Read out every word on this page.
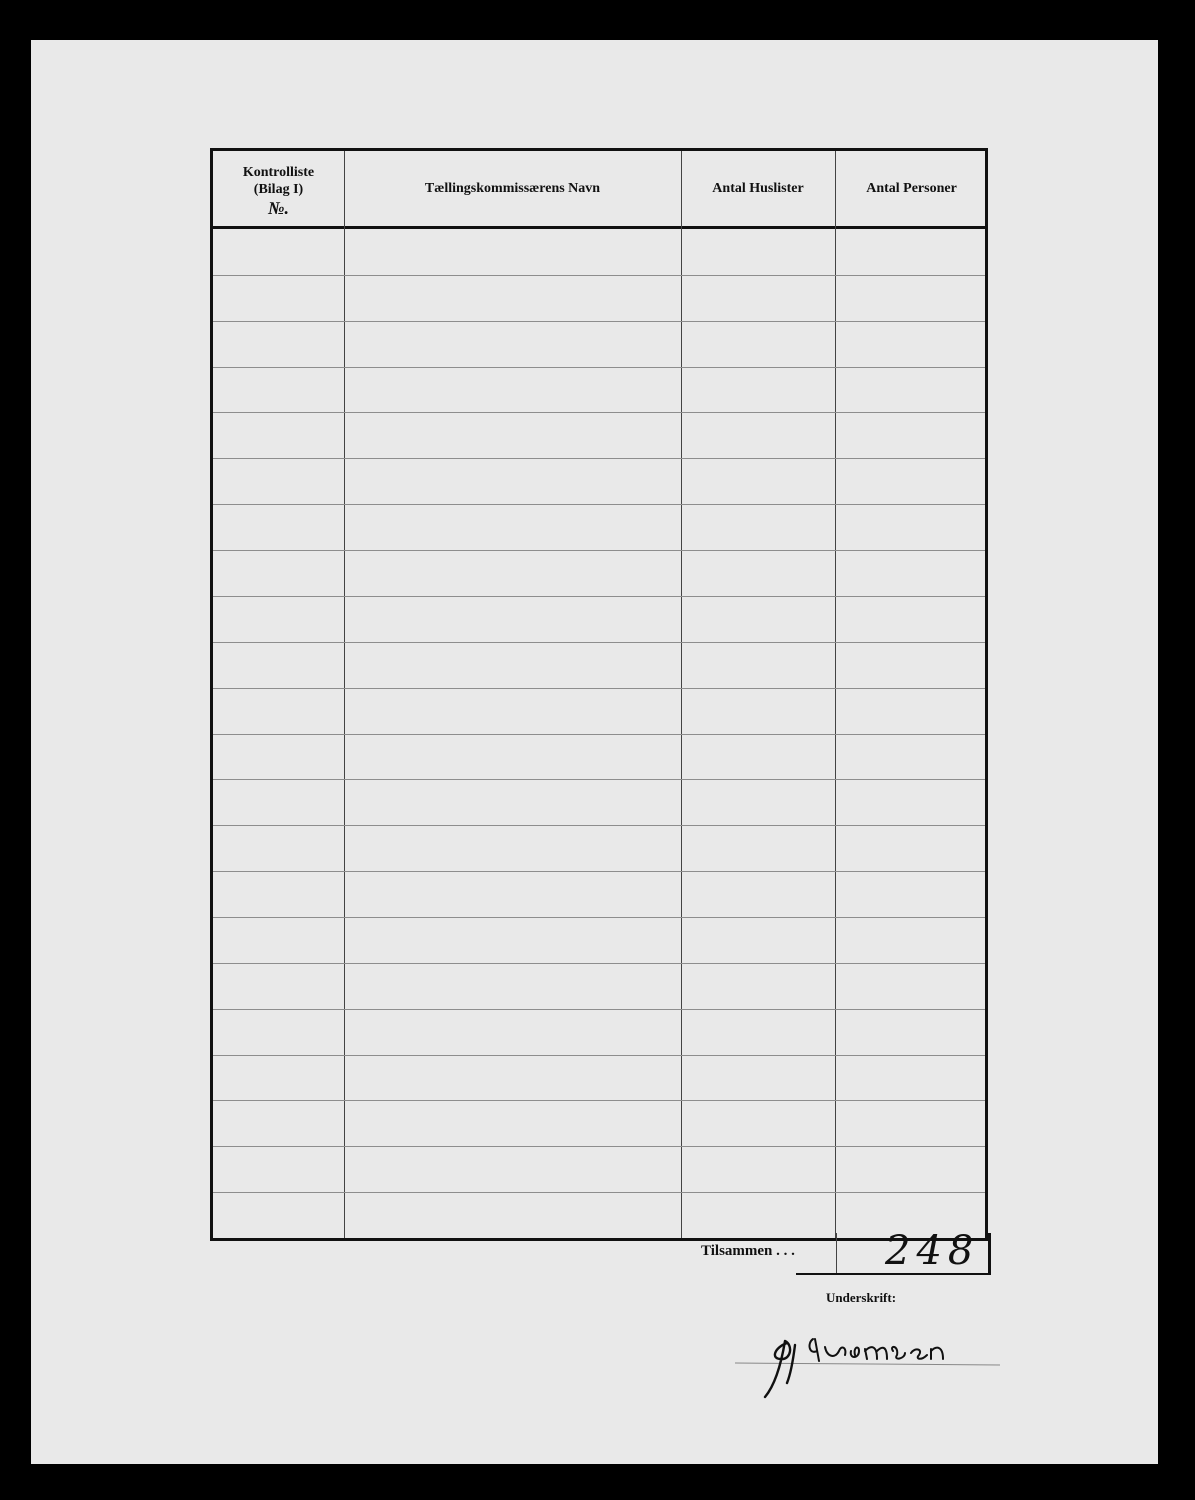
Kontrolliste
(Bilag I)
№.
Tællingskommissærens Navn	Antal Huslister	Antal Personer
Tilsammen . . . 248
Underskrift:
